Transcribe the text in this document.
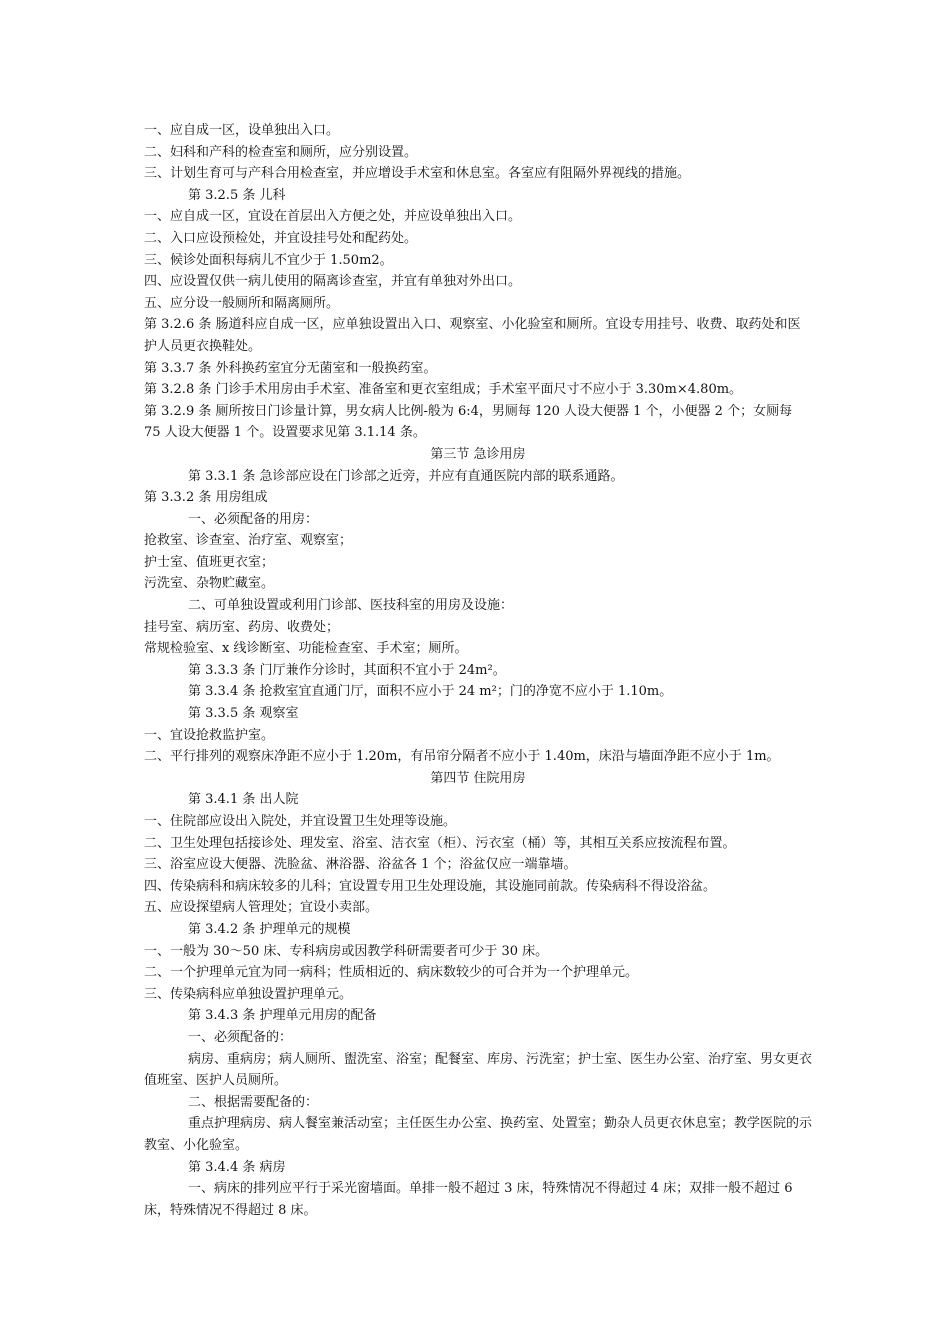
一、应自成一区，设单独出入口。
二、妇科和产科的检查室和厕所，应分别设置。
三、计划生育可与产科合用检查室，并应增设手术室和休息室。各室应有阻隔外界视线的措施。
第 3.2.5 条 儿科
一、应自成一区，宜设在首层出入方便之处，并应设单独出入口。
二、入口应设预检处，并宜设挂号处和配药处。
三、候诊处面积每病儿不宜少于 1.50m2。
四、应设置仅供一病儿使用的隔离诊查室，并宜有单独对外出口。
五、应分设一般厕所和隔离厕所。
第 3.2.6 条 肠道科应自成一区，应单独设置出入口、观察室、小化验室和厕所。宜设专用挂号、收费、取药处和医护人员更衣换鞋处。
第 3.3.7 条 外科换药室宜分无菌室和一般换药室。
第 3.2.8 条 门诊手术用房由手术室、准备室和更衣室组成；手术室平面尺寸不应小于 3.30m×4.80m。
第 3.2.9 条 厕所按日门诊量计算，男女病人比例-般为 6:4，男厕每 120 人设大便器 1 个，小便器 2 个；女厕每 75 人设大便器 1 个。设置要求见第 3.1.14 条。
第三节 急诊用房
第 3.3.1 条 急诊部应设在门诊部之近旁，并应有直通医院内部的联系通路。
第 3.3.2 条 用房组成
一、必须配备的用房：
抢救室、诊查室、治疗室、观察室；
护士室、值班更衣室；
污洗室、杂物贮藏室。
二、可单独设置或利用门诊部、医技科室的用房及设施：
挂号室、病历室、药房、收费处；
常规检验室、x 线诊断室、功能检查室、手术室；厕所。
第 3.3.3 条 门厅兼作分诊时，其面积不宜小于 24m²。
第 3.3.4 条 抢救室宜直通门厅，面积不应小于 24 m²；门的净宽不应小于 1.10m。
第 3.3.5 条 观察室
一、宜设抢救监护室。
二、平行排列的观察床净距不应小于 1.20m，有吊帘分隔者不应小于 1.40m，床沿与墙面净距不应小于 1m。
第四节 住院用房
第 3.4.1 条 出人院
一、住院部应设出入院处，并宜设置卫生处理等设施。
二、卫生处理包括接诊处、理发室、浴室、洁衣室（柜）、污衣室（桶）等，其相互关系应按流程布置。
三、浴室应设大便器、洗脸盆、淋浴器、浴盆各 1 个；浴盆仅应一端靠墙。
四、传染病科和病床较多的儿科；宜设置专用卫生处理设施，其设施同前款。传染病科不得设浴盆。
五、应设探望病人管理处；宜设小卖部。
第 3.4.2 条 护理单元的规模
一、一般为 30～50 床、专科病房或因教学科研需要者可少于 30 床。
二、一个护理单元宜为同一病科；性质相近的、病床数较少的可合并为一个护理单元。
三、传染病科应单独设置护理单元。
第 3.4.3 条 护理单元用房的配备
一、必须配备的：
病房、重病房；病人厕所、盥洗室、浴室；配餐室、库房、污洗室；护士室、医生办公室、治疗室、男女更衣值班室、医护人员厕所。
二、根据需要配备的：
重点护理病房、病人餐室兼活动室；主任医生办公室、换药室、处置室；勤杂人员更衣休息室；教学医院的示教室、小化验室。
第 3.4.4 条 病房
一、病床的排列应平行于采光窗墙面。单排一般不超过 3 床，特殊情况不得超过 4 床；双排一般不超过 6 床，特殊情况不得超过 8 床。
